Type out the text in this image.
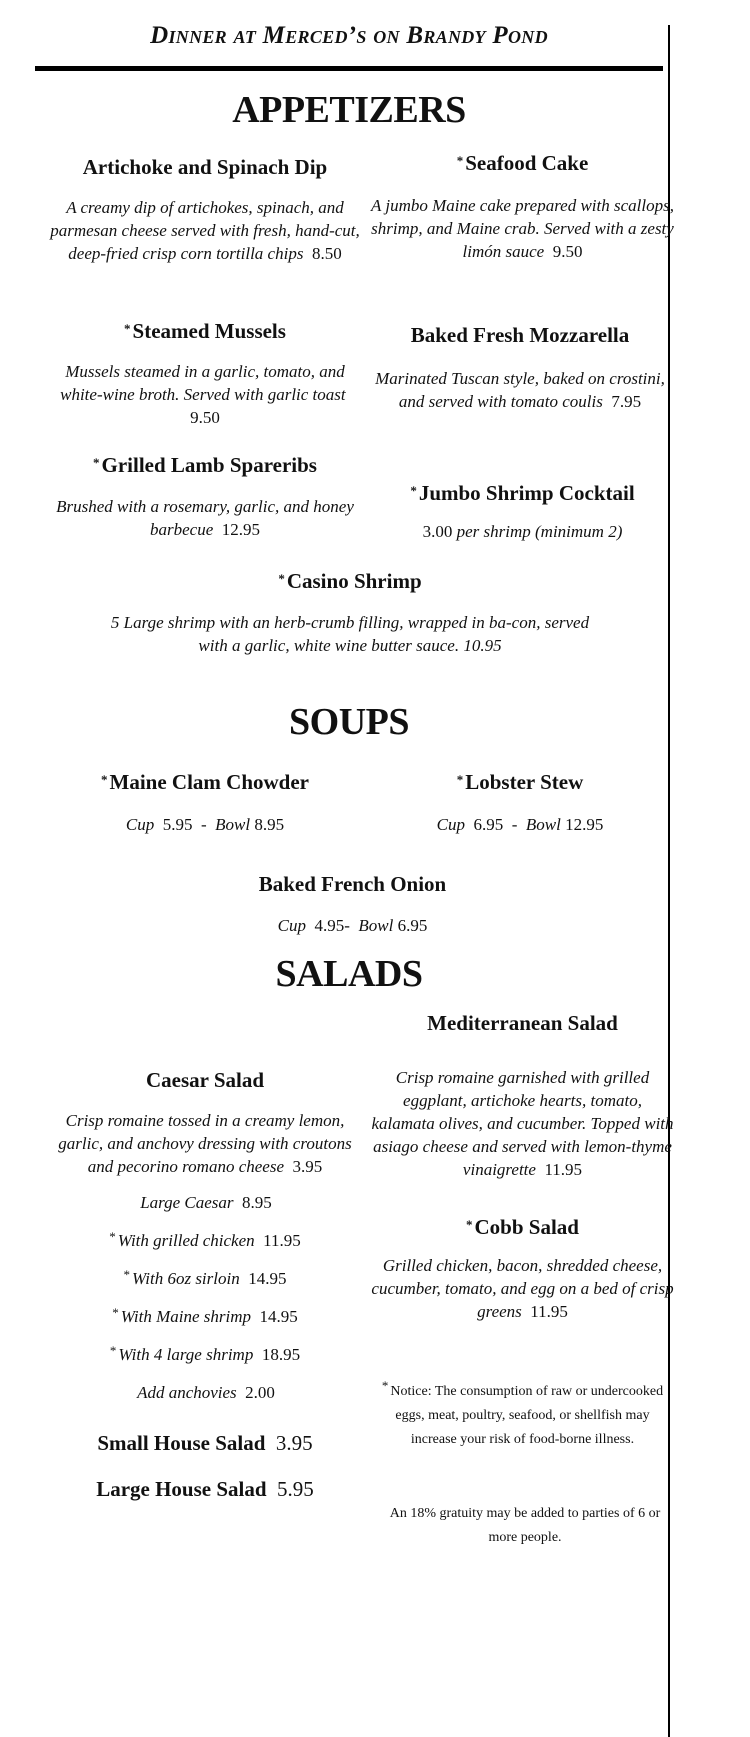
Dinner at Merced’s on Brandy Pond
APPETIZERS
Artichoke and Spinach Dip
A creamy dip of artichokes, spinach, and parmesan cheese served with fresh, hand-cut, deep-fried crisp corn tortilla chips 8.50
*Seafood Cake
A jumbo Maine cake prepared with scallops, shrimp, and Maine crab. Served with a zesty limón sauce 9.50
*Steamed Mussels
Mussels steamed in a garlic, tomato, and white-wine broth. Served with garlic toast  9.50
Baked Fresh Mozzarella
Marinated Tuscan style, baked on crostini, and served with tomato coulis 7.95
*Grilled Lamb Spareribs
Brushed with a rosemary, garlic, and honey barbecue 12.95
*Jumbo Shrimp Cocktail
3.00 per shrimp (minimum 2)
*Casino Shrimp
5 Large shrimp with an herb-crumb filling, wrapped in ba-con, served with a garlic, white wine butter sauce. 10.95
SOUPS
*Maine Clam Chowder
Cup 5.95 - Bowl 8.95
*Lobster Stew
Cup 6.95 - Bowl 12.95
Baked French Onion
Cup 4.95- Bowl 6.95
SALADS
Mediterranean Salad
Crisp romaine garnished with grilled eggplant, artichoke hearts, tomato, kalamata olives, and cucumber. Topped with asiago cheese and served with lemon-thyme vinaigrette 11.95
Caesar Salad
Crisp romaine tossed in a creamy lemon, garlic, and anchovy dressing with croutons and pecorino romano cheese 3.95
Large Caesar 8.95
* With grilled chicken 11.95
* With 6oz sirloin 14.95
* With Maine shrimp 14.95
* With 4 large shrimp 18.95
Add anchovies 2.00
Small House Salad 3.95
Large House Salad 5.95
*Cobb Salad
Grilled chicken, bacon, shredded cheese, cucumber, tomato, and egg on a bed of crisp greens 11.95
* Notice: The consumption of raw or undercooked eggs, meat, poultry, seafood, or shellfish may increase your risk of food-borne illness.
An 18% gratuity may be added to parties of 6 or more people.
